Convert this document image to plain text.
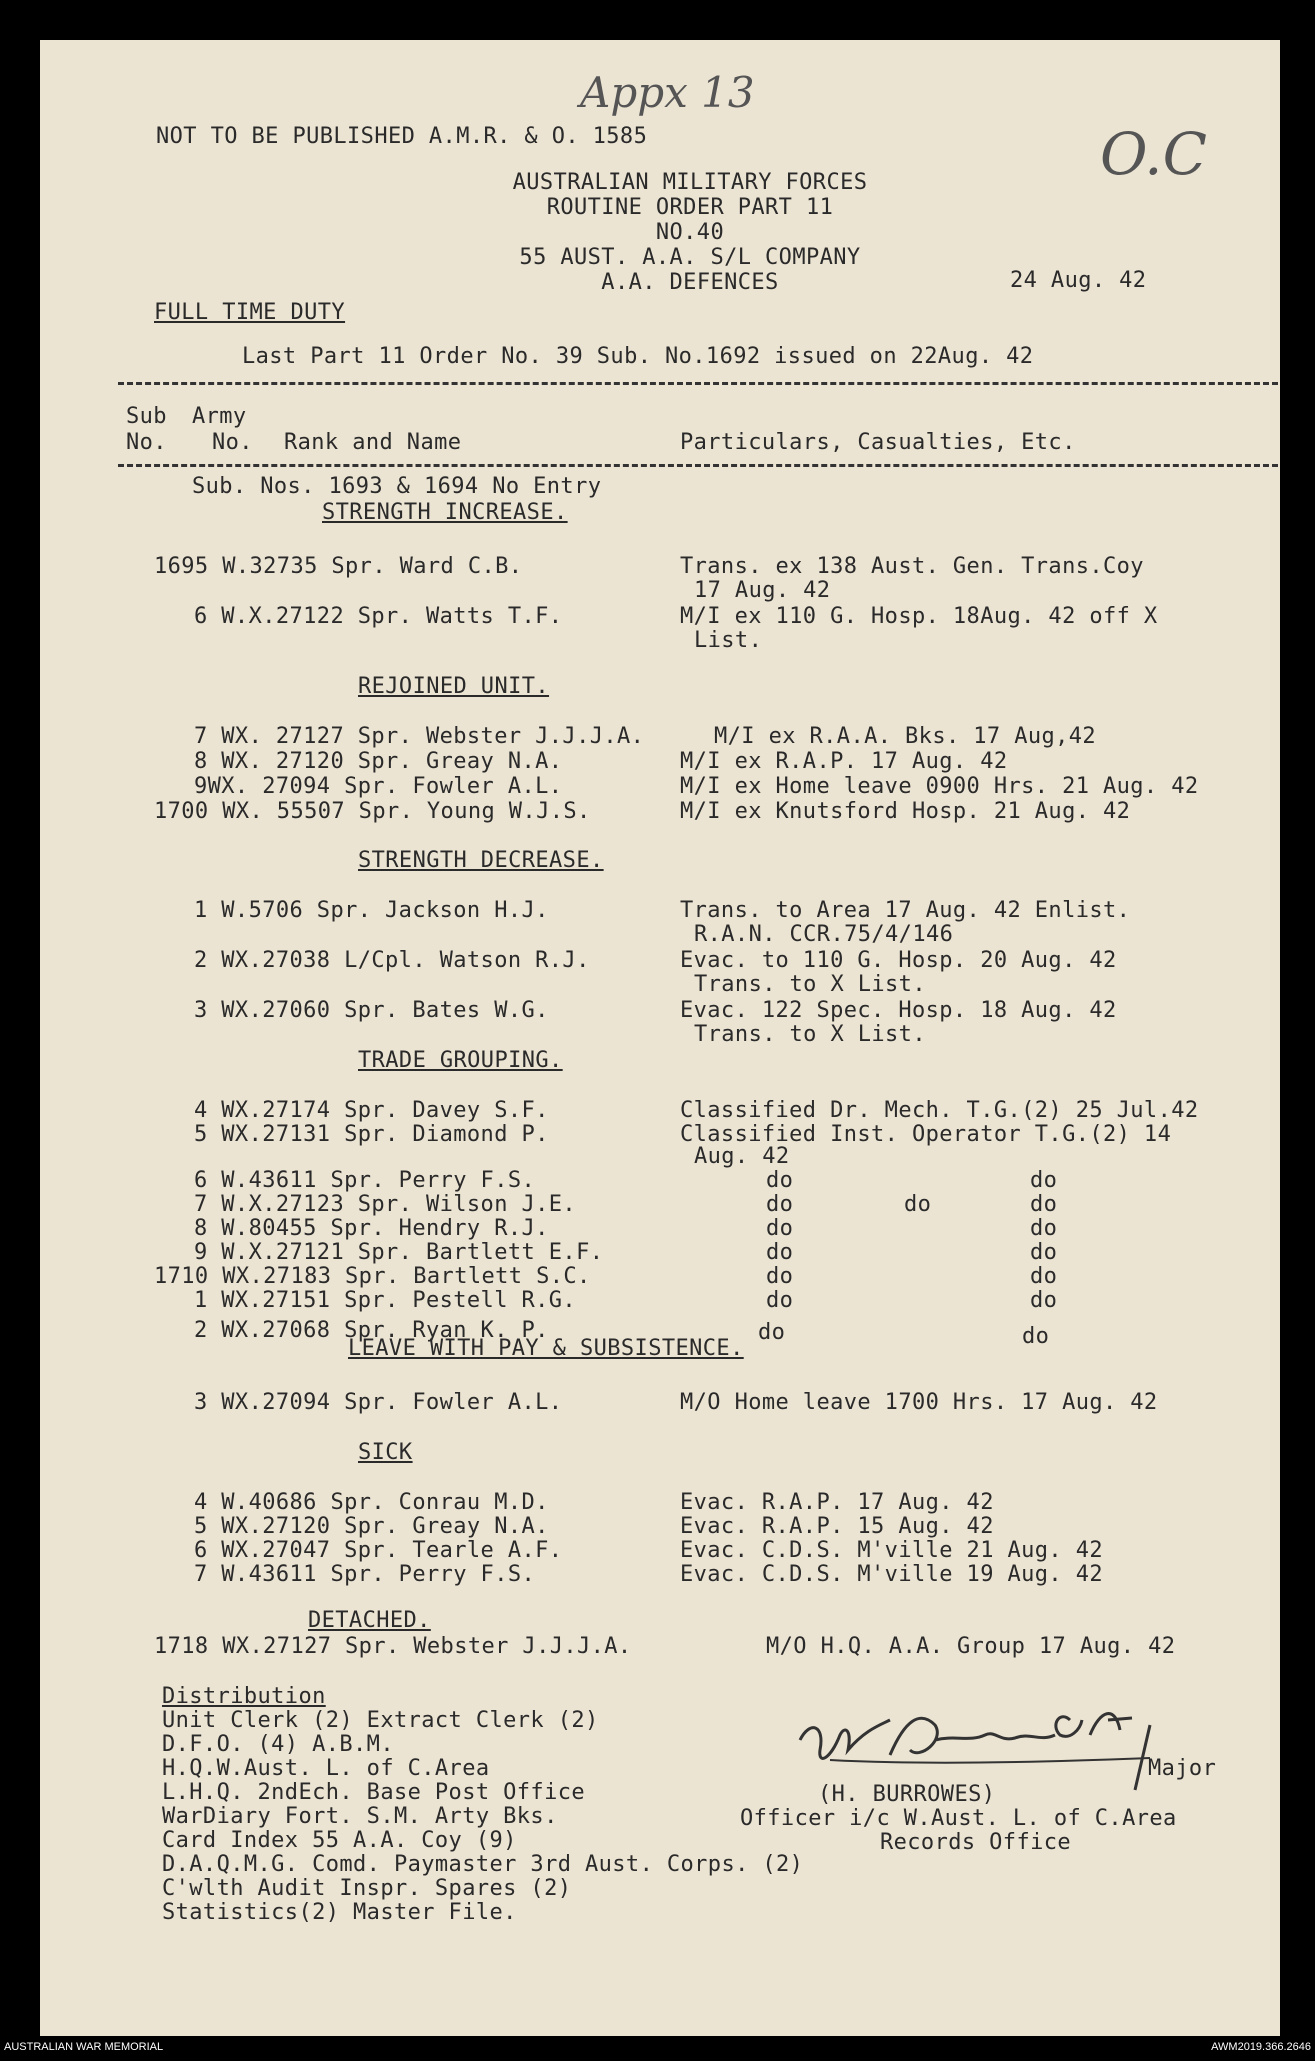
Appx 13
O.C
NOT TO BE PUBLISHED A.M.R. & O. 1585
AUSTRALIAN MILITARY FORCES
ROUTINE ORDER PART 11
NO.40
55 AUST. A.A. S/L COMPANY
A.A. DEFENCES	24 Aug. 42
FULL TIME DUTY
Last Part 11 Order No. 39 Sub. No.1692 issued on 22Aug. 42
Sub Army
No. No. Rank and Name	Particulars, Casualties, Etc.
Sub. Nos. 1693 & 1694 No Entry
STRENGTH INCREASE.
1695 W.32735 Spr. Ward C.B.	Trans. ex 138 Aust. Gen. Trans.Coy
17 Aug. 42
6 W.X.27122 Spr. Watts T.F.	M/I ex 110 G. Hosp. 18Aug. 42 off X
List.
REJOINED UNIT.
7 WX. 27127 Spr. Webster J.J.J.A.	M/I ex R.A.A. Bks. 17 Aug,42
8 WX. 27120 Spr. Greay N.A.	M/I ex R.A.P. 17 Aug. 42
9WX. 27094 Spr. Fowler A.L.	M/I ex Home leave 0900 Hrs. 21 Aug. 42
1700 WX. 55507 Spr. Young W.J.S.	M/I ex Knutsford Hosp. 21 Aug. 42
STRENGTH DECREASE.
1 W.5706 Spr. Jackson H.J.	Trans. to Area 17 Aug. 42 Enlist.
R.A.N. CCR.75/4/146
2 WX.27038 L/Cpl. Watson R.J.	Evac. to 110 G. Hosp. 20 Aug. 42
Trans. to X List.
3 WX.27060 Spr. Bates W.G.	Evac. 122 Spec. Hosp. 18 Aug. 42
Trans. to X List.
TRADE GROUPING.
4 WX.27174 Spr. Davey S.F.	Classified Dr. Mech. T.G.(2) 25 Jul.42
5 WX.27131 Spr. Diamond P.	Classified Inst. Operator T.G.(2) 14
Aug. 42
6 W.43611 Spr. Perry F.S.	do	do
7 W.X.27123 Spr. Wilson J.E.	do	do	do
8 W.80455 Spr. Hendry R.J.	do	do
9 W.X.27121 Spr. Bartlett E.F.	do	do
1710 WX.27183 Spr. Bartlett S.C.	do	do
1 WX.27151 Spr. Pestell R.G.	do	do
2 WX.27068 Spr. Ryan K. P.	do	do
LEAVE WITH PAY & SUBSISTENCE.
3 WX.27094 Spr. Fowler A.L.	M/O Home leave 1700 Hrs. 17 Aug. 42
SICK
4 W.40686 Spr. Conrau M.D.	Evac. R.A.P. 17 Aug. 42
5 WX.27120 Spr. Greay N.A.	Evac. R.A.P. 15 Aug. 42
6 WX.27047 Spr. Tearle A.F.	Evac. C.D.S. M'ville 21 Aug. 42
7 W.43611 Spr. Perry F.S.	Evac. C.D.S. M'ville 19 Aug. 42
DETACHED.
1718 WX.27127 Spr. Webster J.J.J.A.	M/O H.Q. A.A. Group 17 Aug. 42
Distribution
Unit Clerk (2) Extract Clerk (2)
D.F.O. (4) A.B.M.
H.Q.W.Aust. L. of C.Area
L.H.Q. 2ndEch. Base Post Office
WarDiary Fort. S.M. Arty Bks.
Card Index 55 A.A. Coy (9)
D.A.Q.M.G. Comd. Paymaster 3rd Aust. Corps. (2)
C'wlth Audit Inspr. Spares (2)
Statistics(2) Master File.
Major
(H. BURROWES)
Officer i/c W.Aust. L. of C.Area
Records Office
AUSTRALIAN WAR MEMORIAL	AWM2019.366.2646
